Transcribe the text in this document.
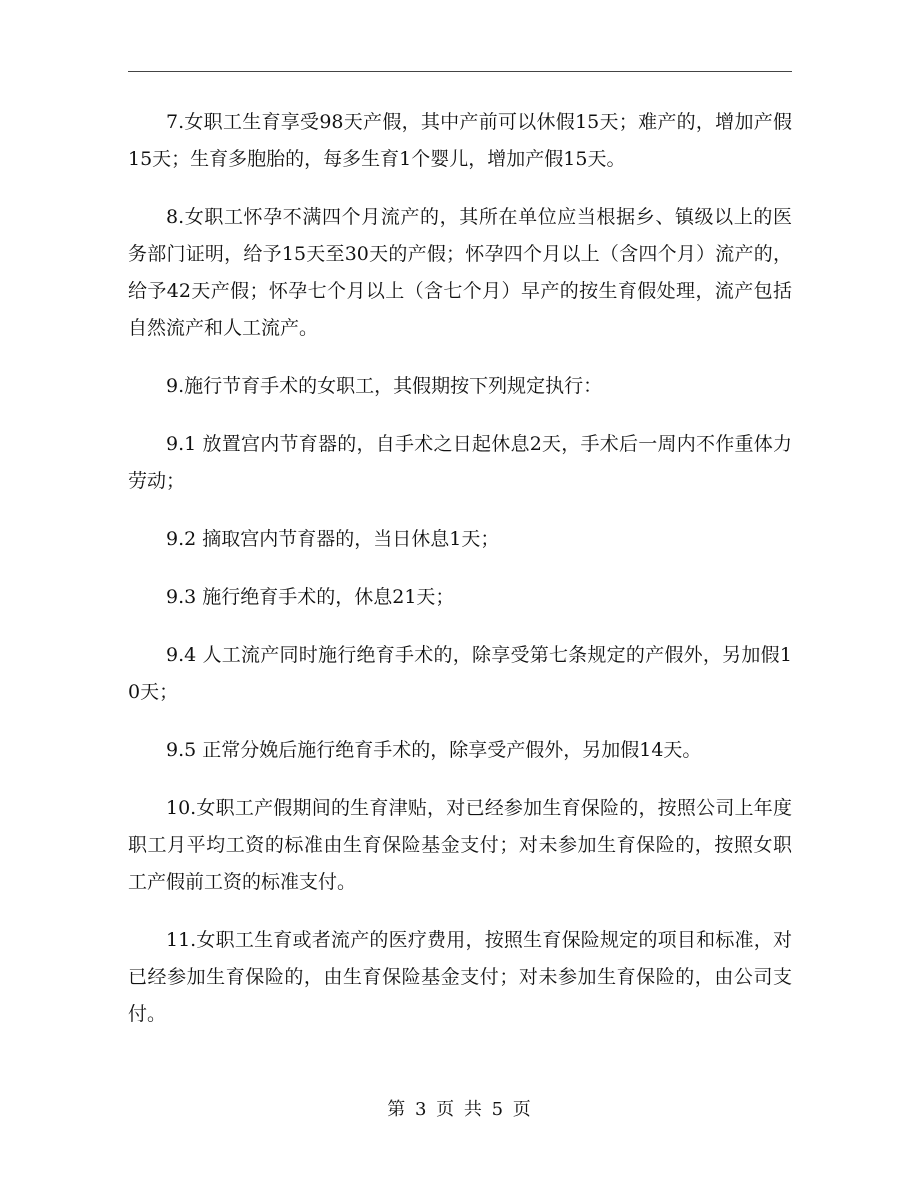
7.女职工生育享受98天产假，其中产前可以休假15天；难产的，增加产假15天；生育多胞胎的，每多生育1个婴儿，增加产假15天。

8.女职工怀孕不满四个月流产的，其所在单位应当根据乡、镇级以上的医务部门证明，给予15天至30天的产假；怀孕四个月以上（含四个月）流产的，给予42天产假；怀孕七个月以上（含七个月）早产的按生育假处理，流产包括自然流产和人工流产。

9.施行节育手术的女职工，其假期按下列规定执行：

9.1 放置宫内节育器的，自手术之日起休息2天，手术后一周内不作重体力劳动；

9.2 摘取宫内节育器的，当日休息1天；

9.3 施行绝育手术的，休息21天；

9.4 人工流产同时施行绝育手术的，除享受第七条规定的产假外，另加假10天；

9.5 正常分娩后施行绝育手术的，除享受产假外，另加假14天。

10.女职工产假期间的生育津贴，对已经参加生育保险的，按照公司上年度职工月平均工资的标准由生育保险基金支付；对未参加生育保险的，按照女职工产假前工资的标准支付。

11.女职工生育或者流产的医疗费用，按照生育保险规定的项目和标准，对已经参加生育保险的，由生育保险基金支付；对未参加生育保险的，由公司支付。

第 3 页 共 5 页
